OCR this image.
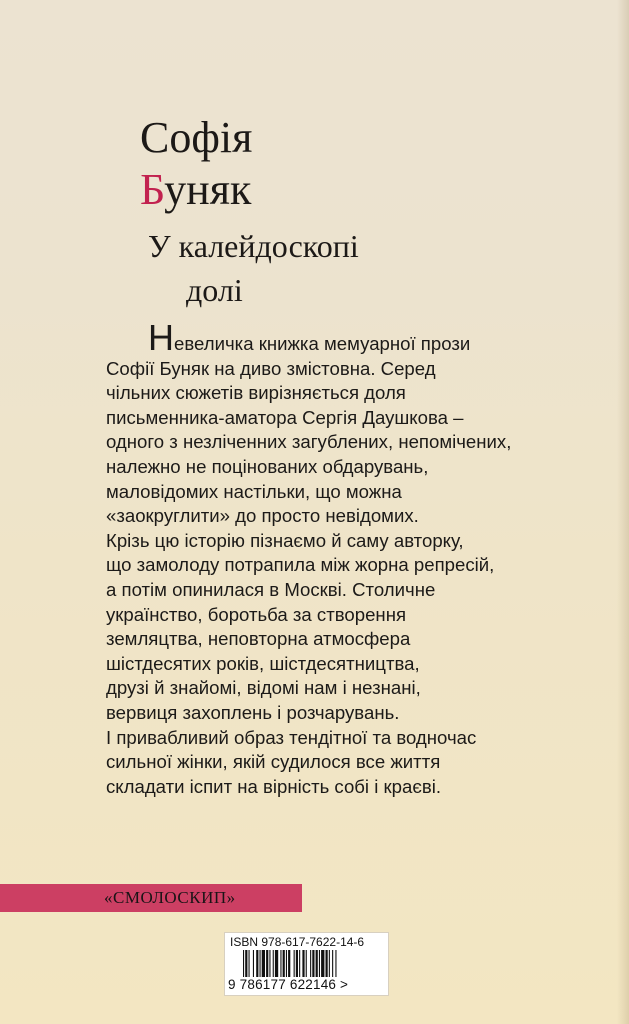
Софія
Буняк
У калейдоскопі
долі
Невеличка книжка мемуарної прози
Софії Буняк на диво змістовна. Серед
чільних сюжетів вирізняється доля
письменника-аматора Сергія Даушкова –
одного з незліченних загублених, непомічених,
належно не поцінованих обдарувань,
маловідомих настільки, що можна
«заокруглити» до просто невідомих.
Крізь цю історію пізнаємо й саму авторку,
що замолоду потрапила між жорна репресій,
а потім опинилася в Москві. Столичне
українство, боротьба за створення
земляцтва, неповторна атмосфера
шістдесятих років, шістдесятництва,
друзі й знайомі, відомі нам і незнані,
вервиця захоплень і розчарувань.
І привабливий образ тендітної та водночас
сильної жінки, якій судилося все життя
складати іспит на вірність собі і краєві.
«СМОЛОСКИП»
ISBN 978-617-7622-14-6
9 786177 622146 >
